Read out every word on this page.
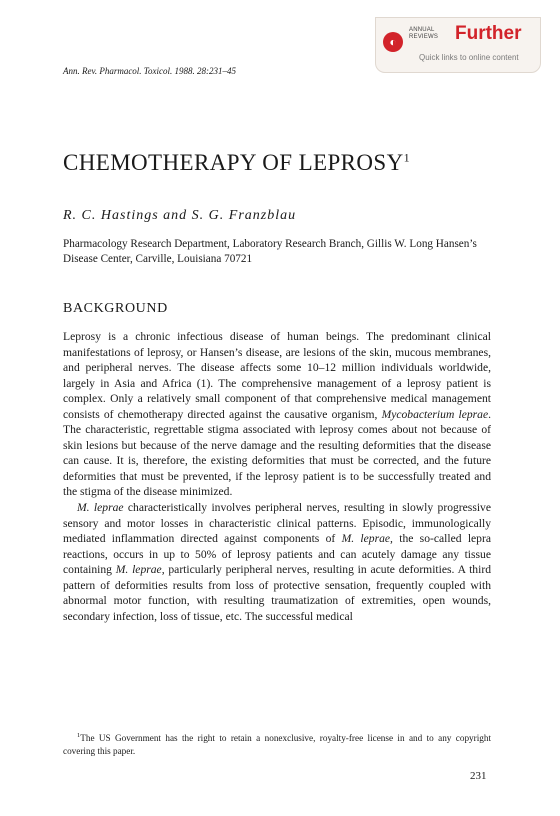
Ann. Rev. Pharmacol. Toxicol. 1988. 28:231–45
◐
ANNUAL
REVIEWS Further
Quick links to online content
CHEMOTHERAPY OF LEPROSY$^1$
R. C. Hastings and S. G. Franzblau
Pharmacology Research Department, Laboratory Research Branch, Gillis W. Long Hansen’s Disease Center, Carville, Louisiana 70721
BACKGROUND

Leprosy is a chronic infectious disease of human beings. The predominant clinical manifestations of leprosy, or Hansen’s disease, are lesions of the skin, mucous membranes, and peripheral nerves. The disease affects some 10–12 million individuals worldwide, largely in Asia and Africa (1). The comprehensive management of a leprosy patient is complex. Only a relatively small component of that comprehensive medical management consists of chemotherapy directed against the causative organism, Mycobacterium leprae. The characteristic, regrettable stigma associated with leprosy comes about not because of skin lesions but because of the nerve damage and the resulting deformities that the disease can cause. It is, therefore, the existing deformities that must be corrected, and the future deformities that must be prevented, if the leprosy patient is to be successfully treated and the stigma of the disease minimized.

M. leprae characteristically involves peripheral nerves, resulting in slowly progressive sensory and motor losses in characteristic clinical patterns. Episodic, immunologically mediated inflammation directed against components of M. leprae, the so-called lepra reactions, occurs in up to 50% of leprosy patients and can acutely damage any tissue containing M. leprae, particularly peripheral nerves, resulting in acute deformities. A third pattern of deformities results from loss of protective sensation, frequently coupled with abnormal motor function, with resulting traumatization of extremities, open wounds, secondary infection, loss of tissue, etc. The successful medical

$^1$The US Government has the right to retain a nonexclusive, royalty-free license in and to any copyright covering this paper.

231
